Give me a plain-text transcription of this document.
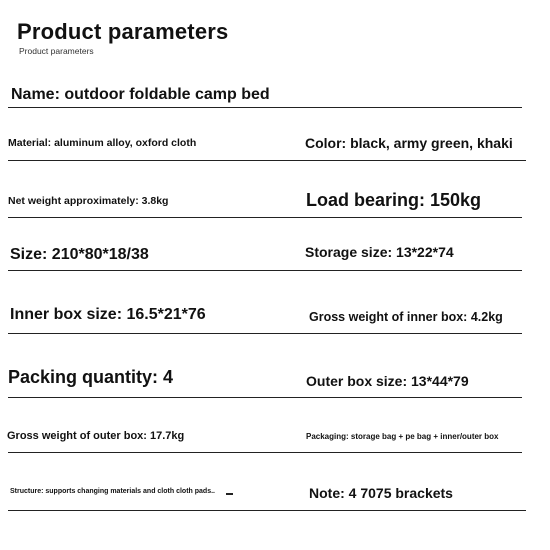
Product parameters
Product parameters
Name: outdoor foldable camp bed
Material: aluminum alloy, oxford cloth	Color: black, army green, khaki
Net weight approximately: 3.8kg	Load bearing: 150kg
Size: 210*80*18/38	Storage size: 13*22*74
Inner box size: 16.5*21*76	Gross weight of inner box: 4.2kg
Packing quantity: 4	Outer box size: 13*44*79
Gross weight of outer box: 17.7kg	Packaging: storage bag + pe bag + inner/outer box
Structure: supports changing materials and cloth cloth pads..	Note: 4 7075 brackets
